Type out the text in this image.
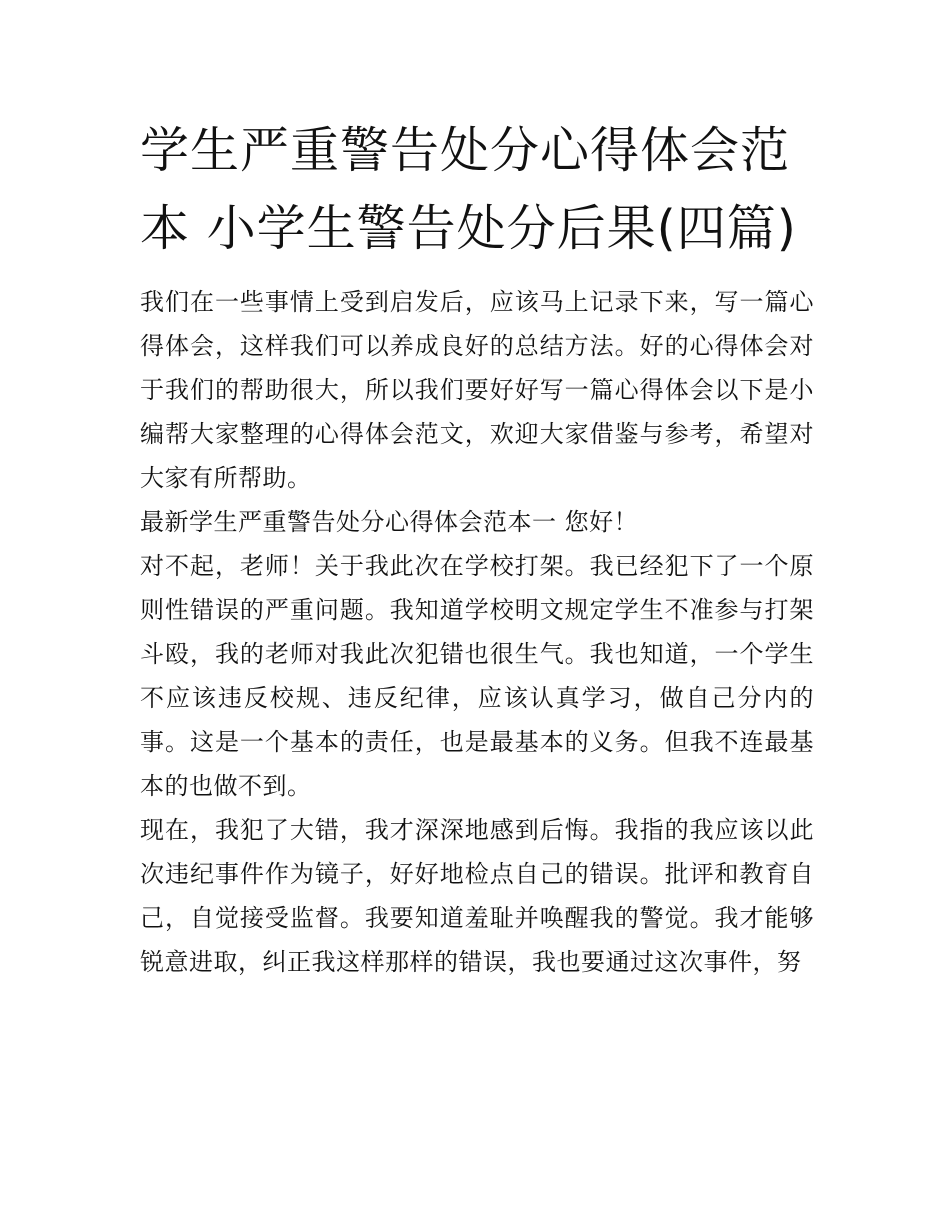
学生严重警告处分心得体会范本 小学生警告处分后果(四篇)

我们在一些事情上受到启发后，应该马上记录下来，写一篇心得体会，这样我们可以养成良好的总结方法。好的心得体会对于我们的帮助很大，所以我们要好好写一篇心得体会以下是小编帮大家整理的心得体会范文，欢迎大家借鉴与参考，希望对大家有所帮助。

最新学生严重警告处分心得体会范本一 您好！

对不起，老师！关于我此次在学校打架。我已经犯下了一个原则性错误的严重问题。我知道学校明文规定学生不准参与打架斗殴，我的老师对我此次犯错也很生气。我也知道，一个学生不应该违反校规、违反纪律，应该认真学习，做自己分内的事。这是一个基本的责任，也是最基本的义务。但我不连最基本的也做不到。

现在，我犯了大错，我才深深地感到后悔。我指的我应该以此次违纪事件作为镜子，好好地检点自己的错误。批评和教育自己，自觉接受监督。我要知道羞耻并唤醒我的警觉。我才能够锐意进取，纠正我这样那样的错误，我也要通过这次事件，努
